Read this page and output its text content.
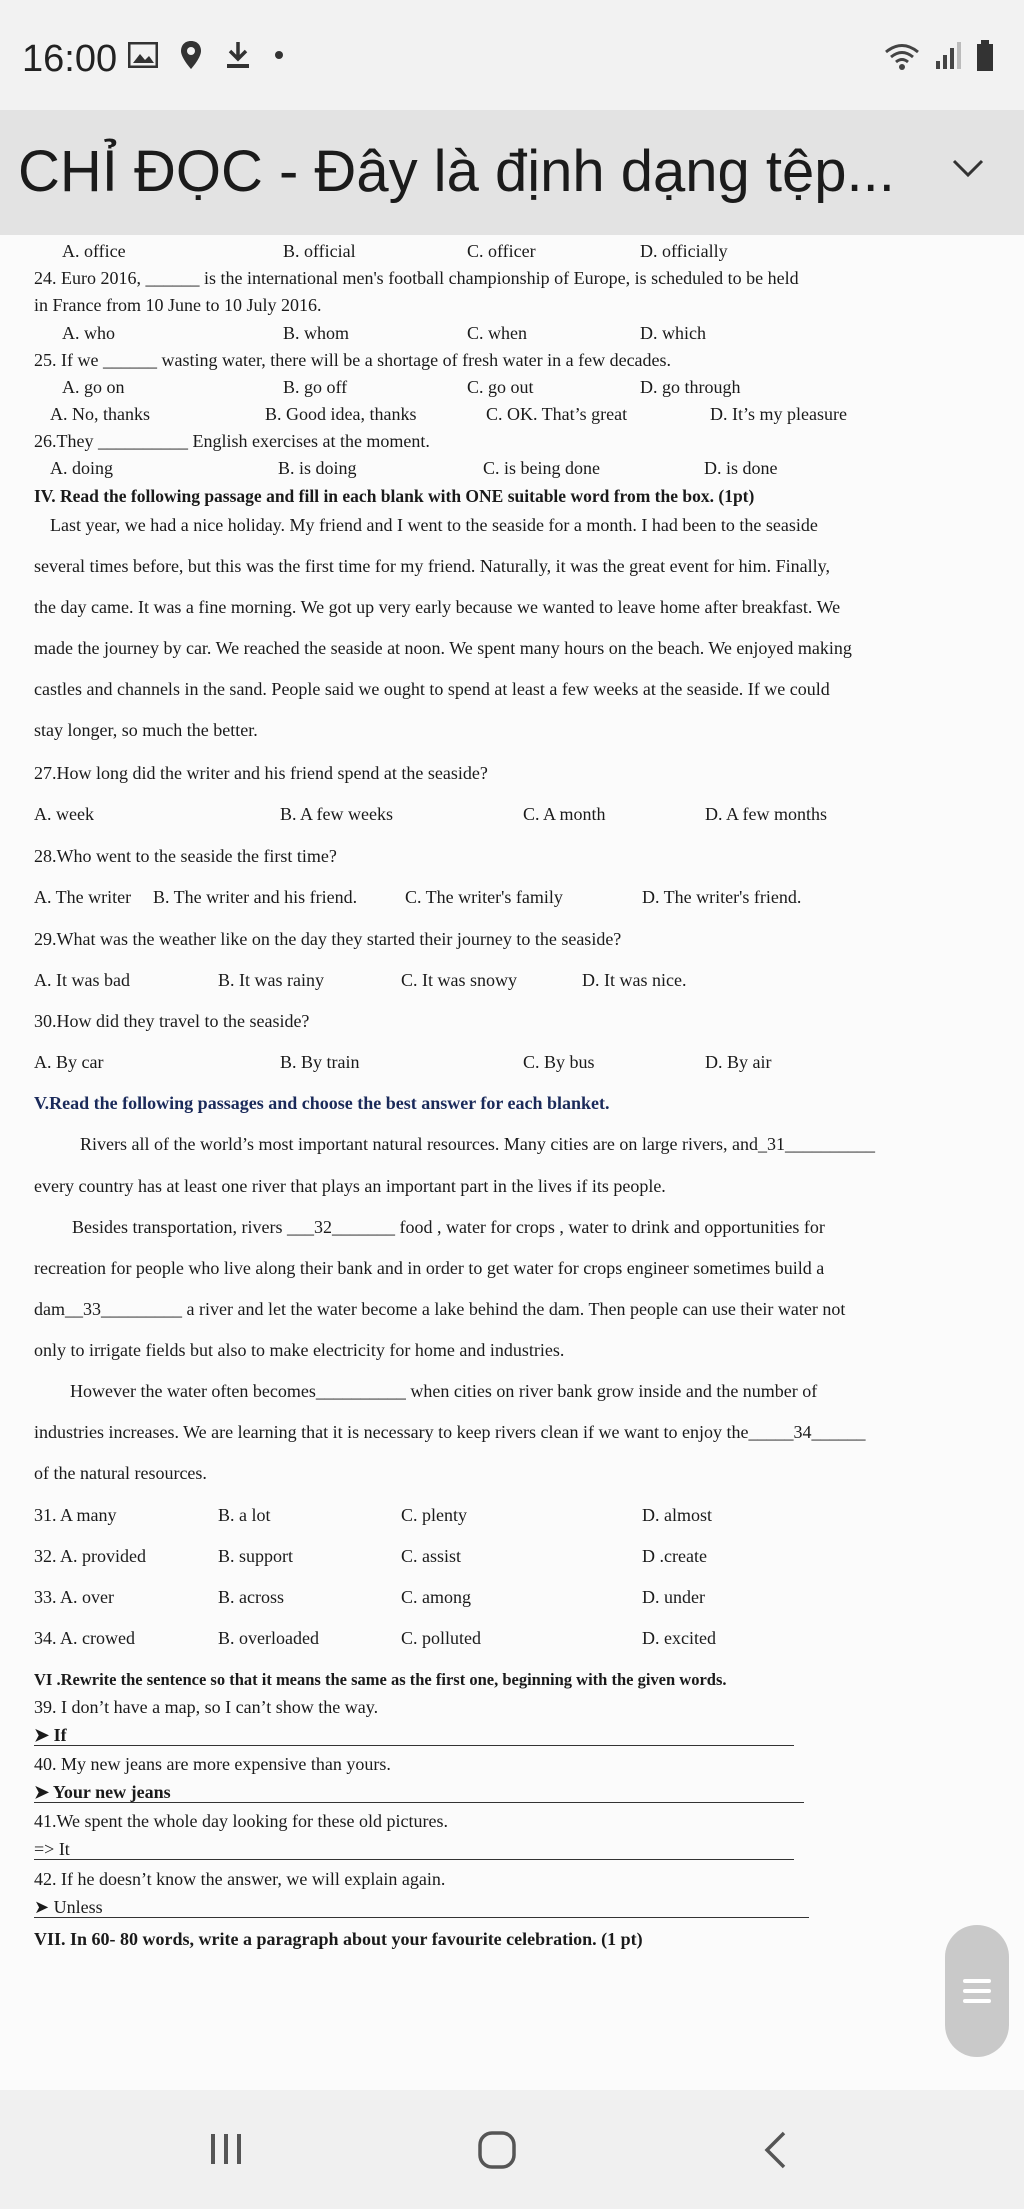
16:00
CHỈ ĐỌC - Đây là định dạng tệp...
A. office	B. official	C. officer	D. officially
24. Euro 2016, ______ is the international men's football championship of Europe, is scheduled to be held
in France from 10 June to 10 July 2016.
A. who	B. whom	C. when	D. which
25. If we ______ wasting water, there will be a shortage of fresh water in a few decades.
A. go on	B. go off	C. go out	D. go through
A. No, thanks	B. Good idea, thanks	C. OK. That’s great	D. It’s my pleasure
26.They __________ English exercises at the moment.
A. doing	B. is doing	C. is being done	D. is done
IV. Read the following passage and fill in each blank with ONE suitable word from the box. (1pt)
Last year, we had a nice holiday. My friend and I went to the seaside for a month. I had been to the seaside
several times before, but this was the first time for my friend. Naturally, it was the great event for him. Finally,
the day came. It was a fine morning. We got up very early because we wanted to leave home after breakfast. We
made the journey by car. We reached the seaside at noon. We spent many hours on the beach. We enjoyed making
castles and channels in the sand. People said we ought to spend at least a few weeks at the seaside. If we could
stay longer, so much the better.
27.How long did the writer and his friend spend at the seaside?
A. week	B. A few weeks	C. A month	D. A few months
28.Who went to the seaside the first time?
A. The writer B. The writer and his friend.	C. The writer's family	D. The writer's friend.
29.What was the weather like on the day they started their journey to the seaside?
A. It was bad	B. It was rainy	C. It was snowy	D. It was nice.
30.How did they travel to the seaside?
A. By car	B. By train	C. By bus	D. By air
V.Read the following passages and choose the best answer for each blanket.
Rivers all of the world’s most important natural resources. Many cities are on large rivers, and_31__________
every country has at least one river that plays an important part in the lives if its people.
Besides transportation, rivers ___32_______ food , water for crops , water to drink and opportunities for
recreation for people who live along their bank and in order to get water for crops engineer sometimes build a
dam__33_________ a river and let the water become a lake behind the dam. Then people can use their water not
only to irrigate fields but also to make electricity for home and industries.
However the water often becomes__________ when cities on river bank grow inside and the number of
industries increases. We are learning that it is necessary to keep rivers clean if we want to enjoy the_____34______
of the natural resources.
31. A many	B. a lot	C. plenty	D. almost
32. A. provided	B. support	C. assist	D .create
33. A. over	B. across	C. among	D. under
34. A. crowed	B. overloaded	C. polluted	D. excited
VI .Rewrite the sentence so that it means the same as the first one, beginning with the given words.
39. I don’t have a map, so I can’t show the way.
➤ If
40. My new jeans are more expensive than yours.
➤ Your new jeans
41.We spent the whole day looking for these old pictures.
=> It
42. If he doesn’t know the answer, we will explain again.
➤ Unless
VII. In 60- 80 words, write a paragraph about your favourite celebration. (1 pt)
